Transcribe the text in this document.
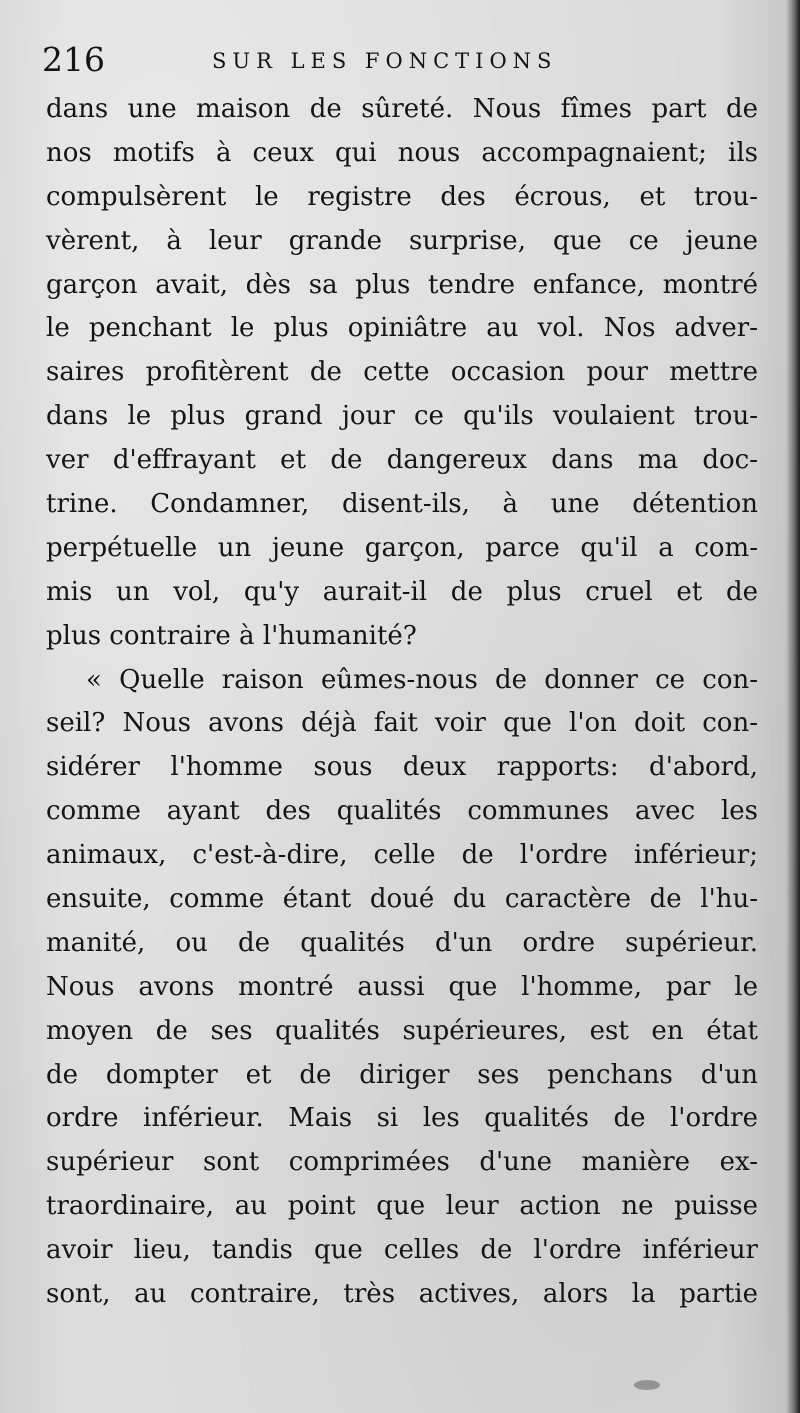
216	SUR LES FONCTIONS
dans une maison de sûreté. Nous fîmes part de
nos motifs à ceux qui nous accompagnaient; ils
compulsèrent le registre des écrous, et trou-
vèrent, à leur grande surprise, que ce jeune
garçon avait, dès sa plus tendre enfance, montré
le penchant le plus opiniâtre au vol. Nos adver-
saires profitèrent de cette occasion pour mettre
dans le plus grand jour ce qu'ils voulaient trou-
ver d'effrayant et de dangereux dans ma doc-
trine. Condamner, disent-ils, à une détention
perpétuelle un jeune garçon, parce qu'il a com-
mis un vol, qu'y aurait-il de plus cruel et de
plus contraire à l'humanité?
« Quelle raison eûmes-nous de donner ce con-
seil? Nous avons déjà fait voir que l'on doit con-
sidérer l'homme sous deux rapports: d'abord,
comme ayant des qualités communes avec les
animaux, c'est-à-dire, celle de l'ordre inférieur;
ensuite, comme étant doué du caractère de l'hu-
manité, ou de qualités d'un ordre supérieur.
Nous avons montré aussi que l'homme, par le
moyen de ses qualités supérieures, est en état
de dompter et de diriger ses penchans d'un
ordre inférieur. Mais si les qualités de l'ordre
supérieur sont comprimées d'une manière ex-
traordinaire, au point que leur action ne puisse
avoir lieu, tandis que celles de l'ordre inférieur
sont, au contraire, très actives, alors la partie
